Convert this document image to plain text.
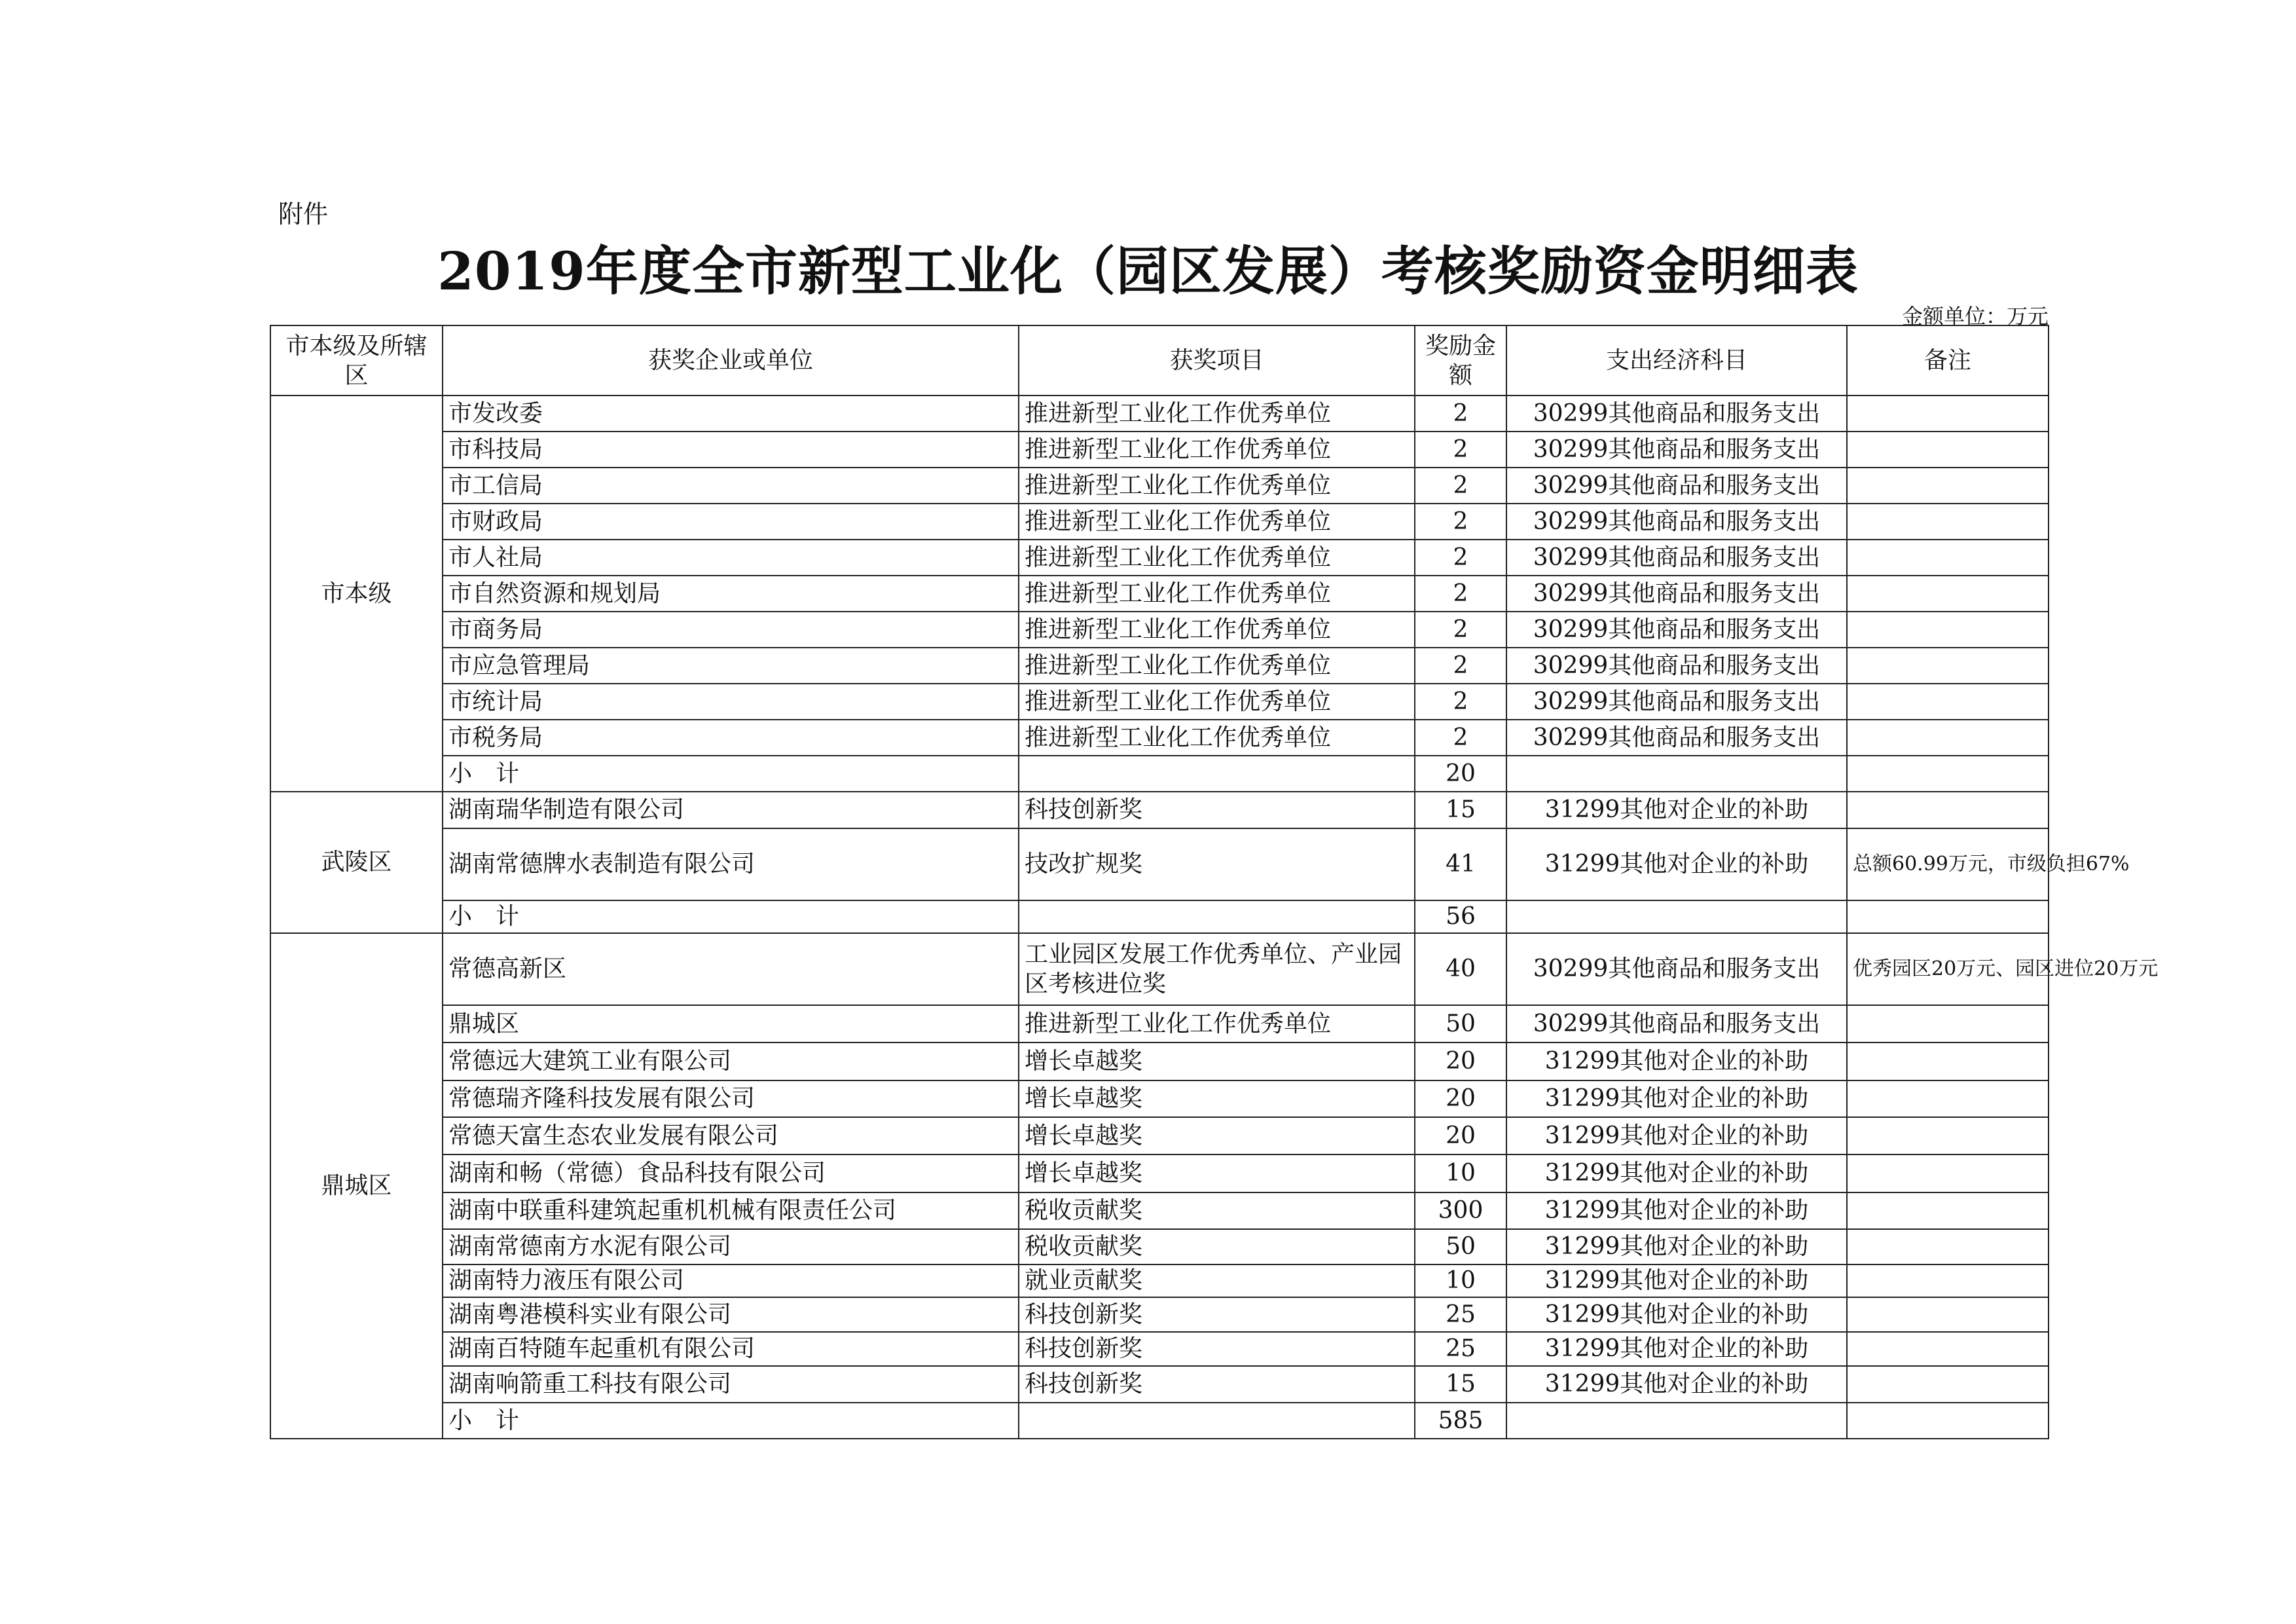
附件
2019年度全市新型工业化（园区发展）考核奖励资金明细表
金额单位：万元
市本级及所辖区	获奖企业或单位	获奖项目	奖励金额	支出经济科目	备注
市本级	市发改委	推进新型工业化工作优秀单位	2	30299其他商品和服务支出	
	市科技局	推进新型工业化工作优秀单位	2	30299其他商品和服务支出	
	市工信局	推进新型工业化工作优秀单位	2	30299其他商品和服务支出	
	市财政局	推进新型工业化工作优秀单位	2	30299其他商品和服务支出	
	市人社局	推进新型工业化工作优秀单位	2	30299其他商品和服务支出	
	市自然资源和规划局	推进新型工业化工作优秀单位	2	30299其他商品和服务支出	
	市商务局	推进新型工业化工作优秀单位	2	30299其他商品和服务支出	
	市应急管理局	推进新型工业化工作优秀单位	2	30299其他商品和服务支出	
	市统计局	推进新型工业化工作优秀单位	2	30299其他商品和服务支出	
	市税务局	推进新型工业化工作优秀单位	2	30299其他商品和服务支出	
	小计		20		
武陵区	湖南瑞华制造有限公司	科技创新奖	15	31299其他对企业的补助	
	湖南常德牌水表制造有限公司	技改扩规奖	41	31299其他对企业的补助	总额60.99万元，市级负担67%
	小计		56		
鼎城区	常德高新区	工业园区发展工作优秀单位、产业园区考核进位奖	40	30299其他商品和服务支出	优秀园区20万元、园区进位20万元
	鼎城区	推进新型工业化工作优秀单位	50	30299其他商品和服务支出	
	常德远大建筑工业有限公司	增长卓越奖	20	31299其他对企业的补助	
	常德瑞齐隆科技发展有限公司	增长卓越奖	20	31299其他对企业的补助	
	常德天富生态农业发展有限公司	增长卓越奖	20	31299其他对企业的补助	
	湖南和畅（常德）食品科技有限公司	增长卓越奖	10	31299其他对企业的补助	
	湖南中联重科建筑起重机机械有限责任公司	税收贡献奖	300	31299其他对企业的补助	
	湖南常德南方水泥有限公司	税收贡献奖	50	31299其他对企业的补助	
	湖南特力液压有限公司	就业贡献奖	10	31299其他对企业的补助	
	湖南粤港模科实业有限公司	科技创新奖	25	31299其他对企业的补助	
	湖南百特随车起重机有限公司	科技创新奖	25	31299其他对企业的补助	
	湖南响箭重工科技有限公司	科技创新奖	15	31299其他对企业的补助	
	小计		585		
